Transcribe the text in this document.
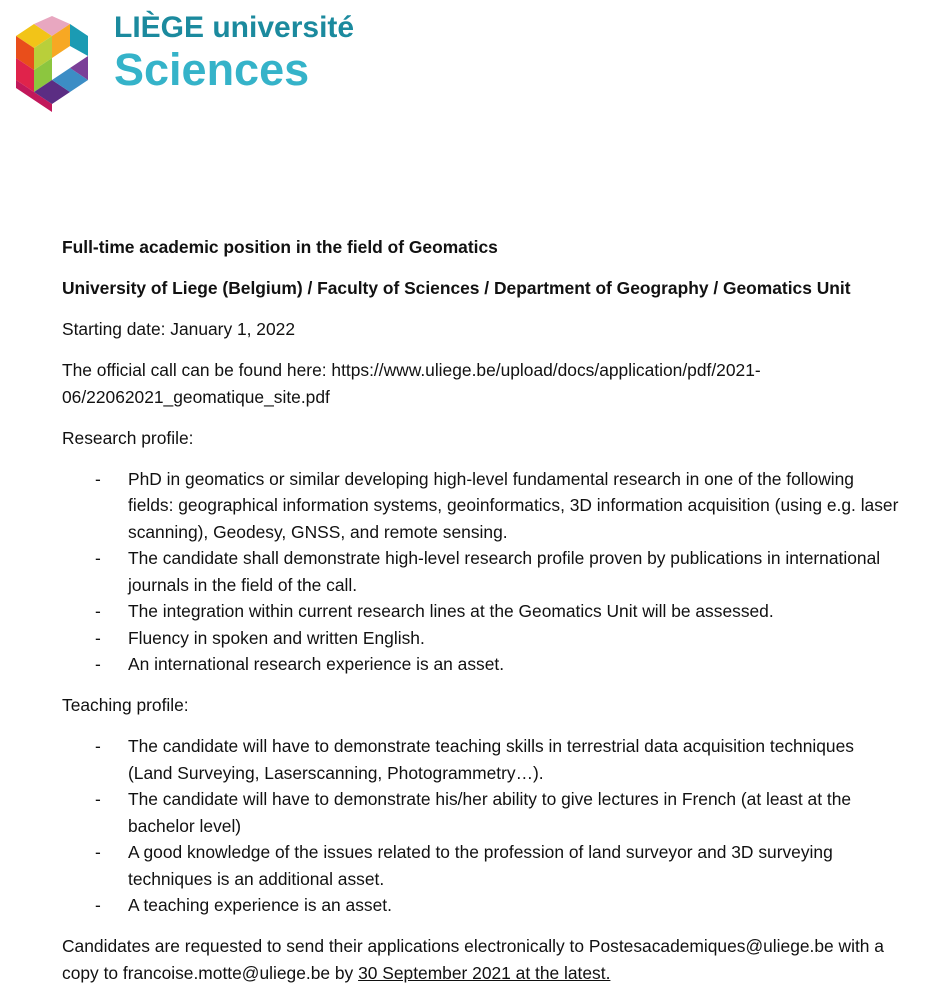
LIÈGE université
Sciences

Full-time academic position in the field of Geomatics

University of Liege (Belgium) / Faculty of Sciences / Department of Geography / Geomatics Unit

Starting date: January 1, 2022

The official call can be found here: https://www.uliege.be/upload/docs/application/pdf/2021-
06/22062021_geomatique_site.pdf

Research profile:

- PhD in geomatics or similar developing high-level fundamental research in one of the following fields: geographical information systems, geoinformatics, 3D information acquisition (using e.g. laser scanning), Geodesy, GNSS, and remote sensing.
- The candidate shall demonstrate high-level research profile proven by publications in international journals in the field of the call.
- The integration within current research lines at the Geomatics Unit will be assessed.
- Fluency in spoken and written English.
- An international research experience is an asset.

Teaching profile:

- The candidate will have to demonstrate teaching skills in terrestrial data acquisition techniques (Land Surveying, Laserscanning, Photogrammetry…).
- The candidate will have to demonstrate his/her ability to give lectures in French (at least at the bachelor level)
- A good knowledge of the issues related to the profession of land surveyor and 3D surveying techniques is an additional asset.
- A teaching experience is an asset.

Candidates are requested to send their applications electronically to Postesacademiques@uliege.be with a copy to francoise.motte@uliege.be by 30 September 2021 at the latest.
